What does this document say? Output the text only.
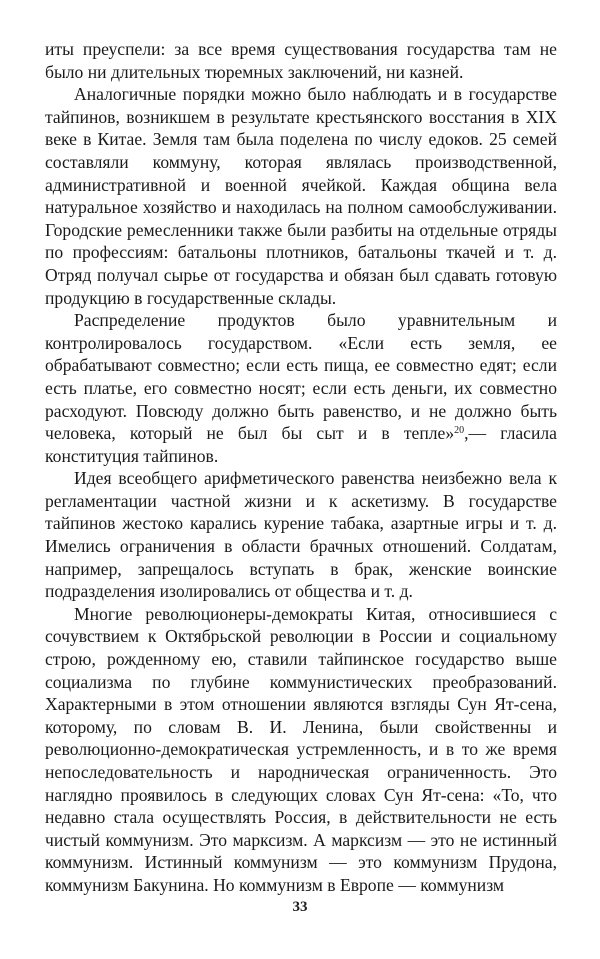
иты преуспели: за все время существования государства там не было ни длительных тюремных заключений, ни казней.

Аналогичные порядки можно было наблюдать и в государстве тайпинов, возникшем в результате крестьянского восстания в XIX веке в Китае. Земля там была поделена по числу едоков. 25 семей составляли коммуну, которая являлась производственной, административной и военной ячейкой. Каждая община вела натуральное хозяйство и находилась на полном самообслуживании. Городские ремесленники также были разбиты на отдельные отряды по профессиям: батальоны плотников, батальоны ткачей и т. д. Отряд получал сырье от государства и обязан был сдавать готовую продукцию в государственные склады.

Распределение продуктов было уравнительным и контролировалось государством. «Если есть земля, ее обрабатывают совместно; если есть пища, ее совместно едят; если есть платье, его совместно носят; если есть деньги, их совместно расходуют. Повсюду должно быть равенство, и не должно быть человека, который не был бы сыт и в тепле»$^{20}$,— гласила конституция тайпинов.

Идея всеобщего арифметического равенства неизбежно вела к регламентации частной жизни и к аскетизму. В государстве тайпинов жестоко карались курение табака, азартные игры и т. д. Имелись ограничения в области брачных отношений. Солдатам, например, запрещалось вступать в брак, женские воинские подразделения изолировались от общества и т. д.

Многие революционеры-демократы Китая, относившиеся с сочувствием к Октябрьской революции в России и социальному строю, рожденному ею, ставили тайпинское государство выше социализма по глубине коммунистических преобразований. Характерными в этом отношении являются взгляды Сун Ят-сена, которому, по словам В. И. Ленина, были свойственны и революционно-демократическая устремленность, и в то же время непоследовательность и народническая ограниченность. Это наглядно проявилось в следующих словах Сун Ят-сена: «То, что недавно стала осуществлять Россия, в действительности не есть чистый коммунизм. Это марксизм. А марксизм — это не истинный коммунизм. Истинный коммунизм — это коммунизм Прудона, коммунизм Бакунина. Но коммунизм в Европе — коммунизм

33
